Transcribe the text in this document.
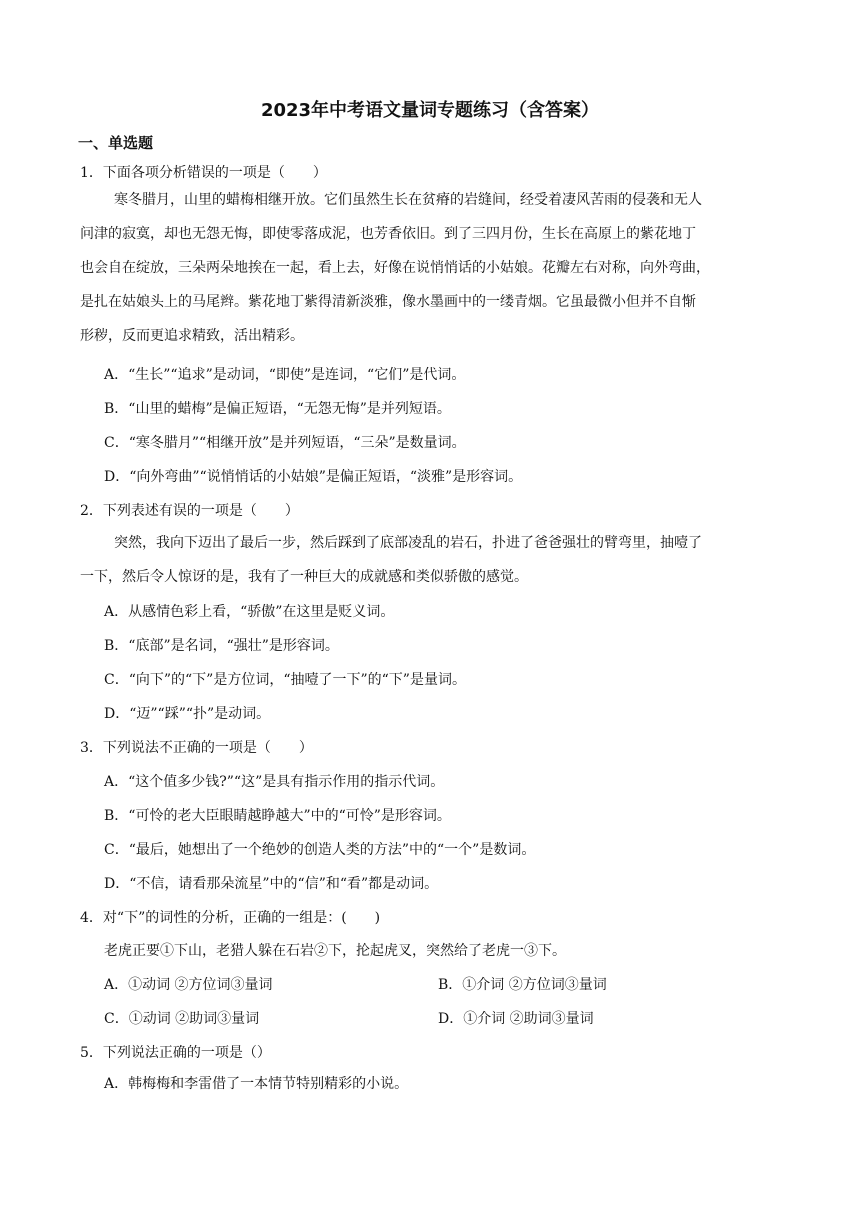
2023年中考语文量词专题练习（含答案）
一、单选题
1．下面各项分析错误的一项是（　　）
寒冬腊月，山里的蜡梅相继开放。它们虽然生长在贫瘠的岩缝间，经受着凄风苦雨的侵袭和无人
问津的寂寞，却也无怨无悔，即使零落成泥，也芳香依旧。到了三四月份，生长在高原上的紫花地丁
也会自在绽放，三朵两朵地挨在一起，看上去，好像在说悄悄话的小姑娘。花瓣左右对称，向外弯曲，
是扎在姑娘头上的马尾辫。紫花地丁紫得清新淡雅，像水墨画中的一缕青烟。它虽最微小但并不自惭
形秽，反而更追求精致，活出精彩。
A．“生长”“追求”是动词，“即使”是连词，“它们”是代词。
B．“山里的蜡梅”是偏正短语，“无怨无悔”是并列短语。
C．“寒冬腊月”“相继开放”是并列短语，“三朵”是数量词。
D．“向外弯曲”“说悄悄话的小姑娘”是偏正短语，“淡雅”是形容词。
2．下列表述有误的一项是（　　）
突然，我向下迈出了最后一步，然后踩到了底部凌乱的岩石，扑进了爸爸强壮的臂弯里，抽噎了
一下，然后令人惊讶的是，我有了一种巨大的成就感和类似骄傲的感觉。
A．从感情色彩上看，“骄傲”在这里是贬义词。
B．“底部”是名词，“强壮”是形容词。
C．“向下”的“下”是方位词，“抽噎了一下”的“下”是量词。
D．“迈”“踩”“扑”是动词。
3．下列说法不正确的一项是（　　）
A．“这个值多少钱?”“这”是具有指示作用的指示代词。
B．“可怜的老大臣眼睛越睁越大”中的“可怜”是形容词。
C．“最后，她想出了一个绝妙的创造人类的方法”中的“一个”是数词。
D．“不信，请看那朵流星”中的“信”和“看”都是动词。
4．对“下”的词性的分析，正确的一组是：(　　)
老虎正要①下山，老猎人躲在石岩②下，抡起虎叉，突然给了老虎一③下。
A．①动词 ②方位词③量词	B．①介词 ②方位词③量词
C．①动词 ②助词③量词	D．①介词 ②助词③量词
5．下列说法正确的一项是（）
A．韩梅梅和李雷借了一本情节特别精彩的小说。
